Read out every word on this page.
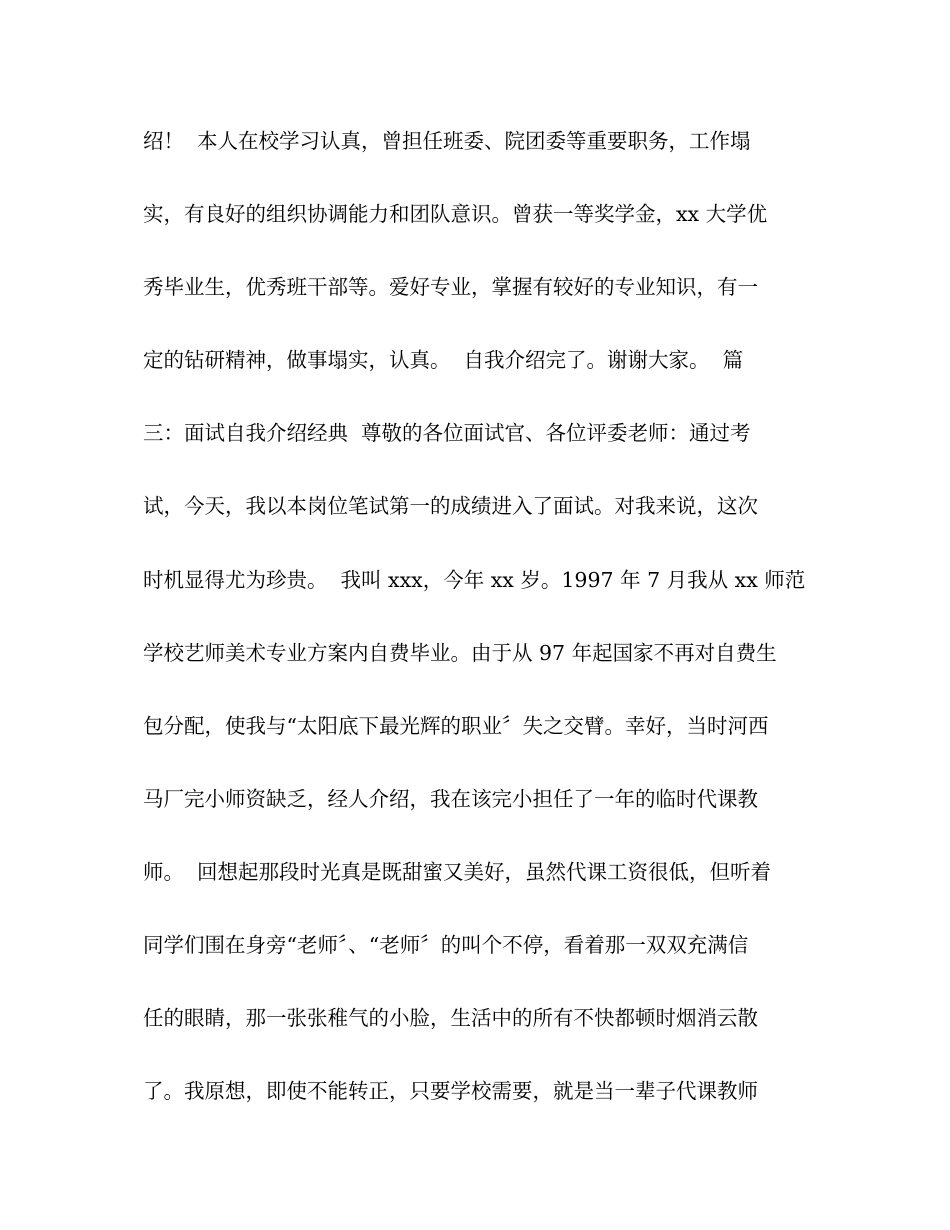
绍！  本人在校学习认真，曾担任班委、院团委等重要职务，工作塌
实，有良好的组织协调能力和团队意识。曾获一等奖学金，xx 大学优
秀毕业生，优秀班干部等。爱好专业，掌握有较好的专业知识，有一
定的钻研精神，做事塌实，认真。  自我介绍完了。谢谢大家。  篇
三：面试自我介绍经典  尊敬的各位面试官、各位评委老师：通过考
试，今天，我以本岗位笔试第一的成绩进入了面试。对我来说，这次
时机显得尤为珍贵。  我叫 xxx，今年 xx 岁。1997 年 7 月我从 xx 师范
学校艺师美术专业方案内自费毕业。由于从 97 年起国家不再对自费生
包分配，使我与“太阳底下最光辉的职业〞失之交臂。幸好，当时河西
马厂完小师资缺乏，经人介绍，我在该完小担任了一年的临时代课教
师。  回想起那段时光真是既甜蜜又美好，虽然代课工资很低，但听着
同学们围在身旁“老师〞、“老师〞的叫个不停，看着那一双双充满信
任的眼睛，那一张张稚气的小脸，生活中的所有不快都顿时烟消云散
了。我原想，即使不能转正，只要学校需要，就是当一辈子代课教师
